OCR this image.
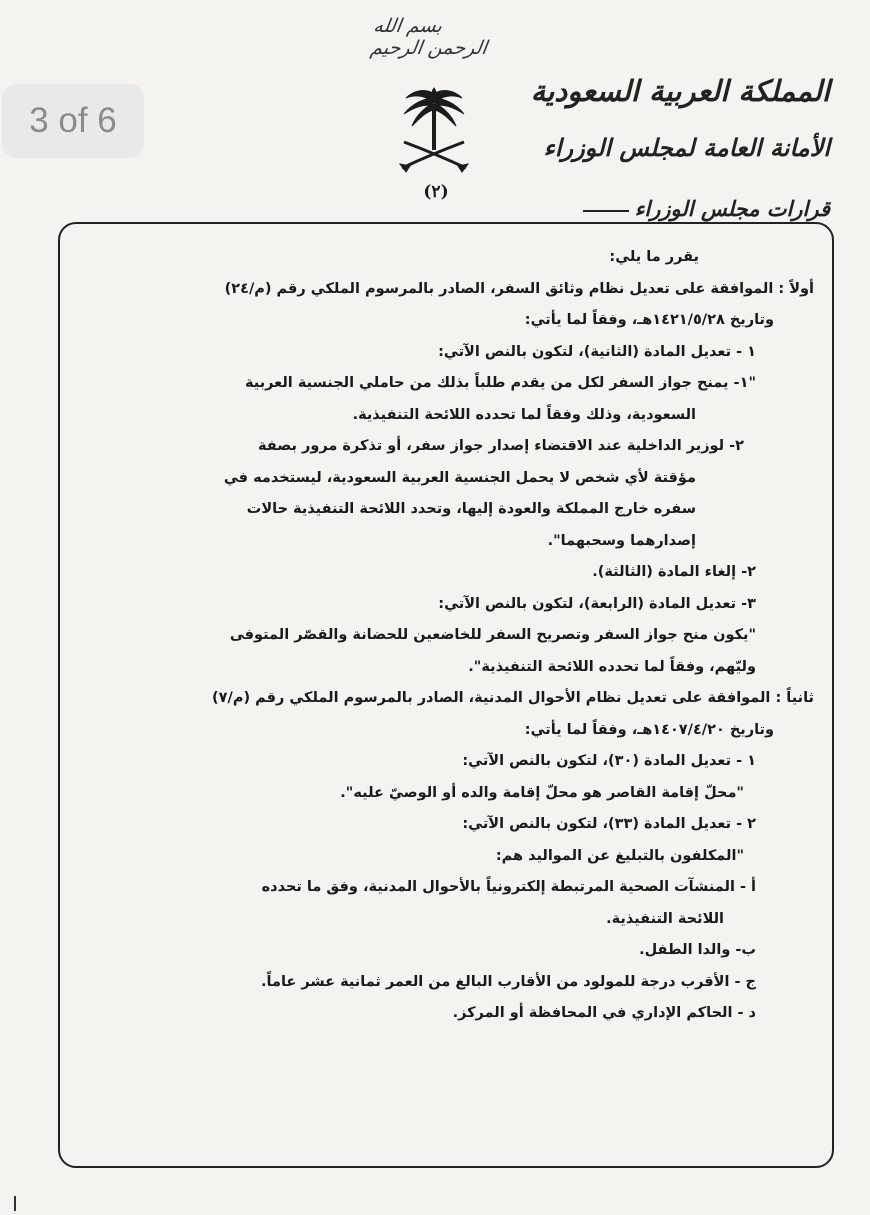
3 of 6
بسم الله الرحمن الرحيم
(٢)
المملكة العربية السعودية
الأمانة العامة لمجلس الوزراء
قرارات مجلس الوزراء

يقرر ما يلي:

أولاً : الموافقة على تعديل نظام وثائق السفر، الصادر بالمرسوم الملكي رقم (م/٢٤)

وتاريخ ١٤٢١/٥/٢٨هـ، وفقاً لما يأتي:

١ - تعديل المادة (الثانية)، لتكون بالنص الآتي:

"١- يمنح جواز السفر لكل من يقدم طلباً بذلك من حاملي الجنسية العربية

السعودية، وذلك وفقاً لما تحدده اللائحة التنفيذية.

٢- لوزير الداخلية عند الاقتضاء إصدار جواز سفر، أو تذكرة مرور بصفة

مؤقتة لأي شخص لا يحمل الجنسية العربية السعودية، ليستخدمه في

سفره خارج المملكة والعودة إليها، وتحدد اللائحة التنفيذية حالات

إصدارهما وسحبهما".

٢- إلغاء المادة (الثالثة).

٣- تعديل المادة (الرابعة)، لتكون بالنص الآتي:

"يكون منح جواز السفر وتصريح السفر للخاضعين للحضانة والقصّر المتوفى

وليّهم، وفقاً لما تحدده اللائحة التنفيذية".

ثانياً : الموافقة على تعديل نظام الأحوال المدنية، الصادر بالمرسوم الملكي رقم (م/٧)

وتاريخ ١٤٠٧/٤/٢٠هـ، وفقاً لما يأتي:

١ - تعديل المادة (٣٠)، لتكون بالنص الآتي:

"محلّ إقامة القاصر هو محلّ إقامة والده أو الوصيّ عليه".

٢ - تعديل المادة (٣٣)، لتكون بالنص الآتي:

"المكلفون بالتبليغ عن المواليد هم:

أ - المنشآت الصحية المرتبطة إلكترونياً بالأحوال المدنية، وفق ما تحدده

اللائحة التنفيذية.

ب- والدا الطفل.

ج - الأقرب درجة للمولود من الأقارب البالغ من العمر ثمانية عشر عاماً.

د - الحاكم الإداري في المحافظة أو المركز.
